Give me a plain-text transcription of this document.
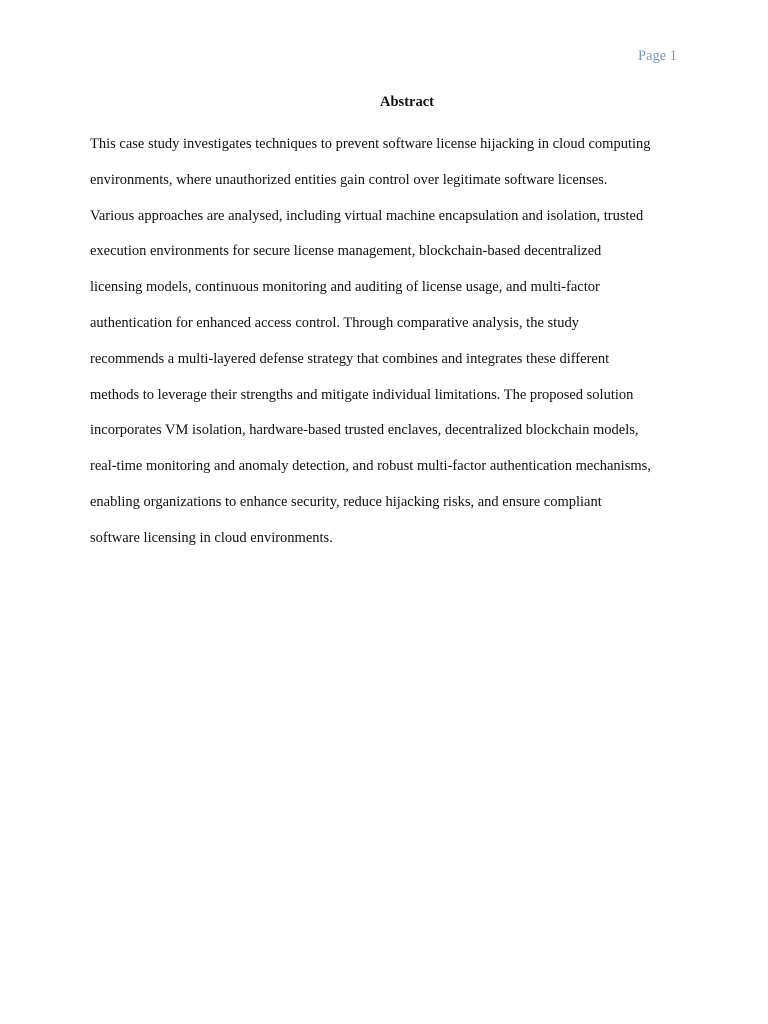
Page 1
Abstract
This case study investigates techniques to prevent software license hijacking in cloud computing
environments, where unauthorized entities gain control over legitimate software licenses.
Various approaches are analysed, including virtual machine encapsulation and isolation, trusted
execution environments for secure license management, blockchain-based decentralized
licensing models, continuous monitoring and auditing of license usage, and multi-factor
authentication for enhanced access control. Through comparative analysis, the study
recommends a multi-layered defense strategy that combines and integrates these different
methods to leverage their strengths and mitigate individual limitations. The proposed solution
incorporates VM isolation, hardware-based trusted enclaves, decentralized blockchain models,
real-time monitoring and anomaly detection, and robust multi-factor authentication mechanisms,
enabling organizations to enhance security, reduce hijacking risks, and ensure compliant
software licensing in cloud environments.
